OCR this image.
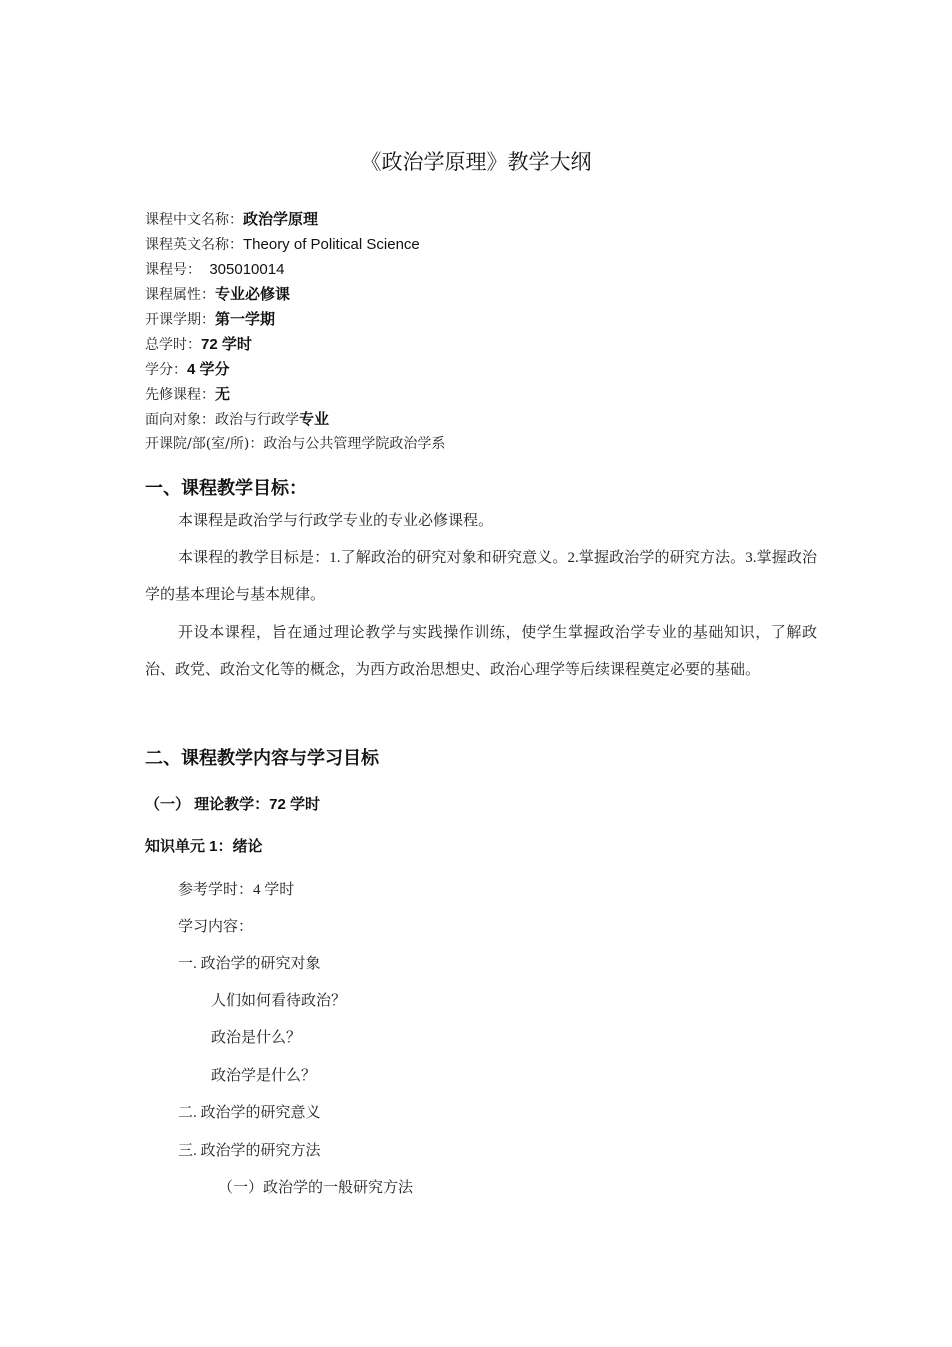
《政治学原理》教学大纲
课程中文名称：政治学原理
课程英文名称：Theory of Political Science
课程号：  305010014
课程属性：专业必修课
开课学期：第一学期
总学时：72 学时
学分：4 学分
先修课程：无
面向对象：政治与行政学专业
开课院/部(室/所)：政治与公共管理学院政治学系
一、课程教学目标：
本课程是政治学与行政学专业的专业必修课程。
本课程的教学目标是：1.了解政治的研究对象和研究意义。2.掌握政治学的研究方法。3.掌握政治学的基本理论与基本规律。
开设本课程，旨在通过理论教学与实践操作训练，使学生掌握政治学专业的基础知识，了解政治、政党、政治文化等的概念，为西方政治思想史、政治心理学等后续课程奠定必要的基础。
二、课程教学内容与学习目标
（一） 理论教学：72 学时
知识单元 1：绪论
参考学时：4 学时
学习内容：
一. 政治学的研究对象
人们如何看待政治？
政治是什么？
政治学是什么？
二. 政治学的研究意义
三. 政治学的研究方法
（一）政治学的一般研究方法
